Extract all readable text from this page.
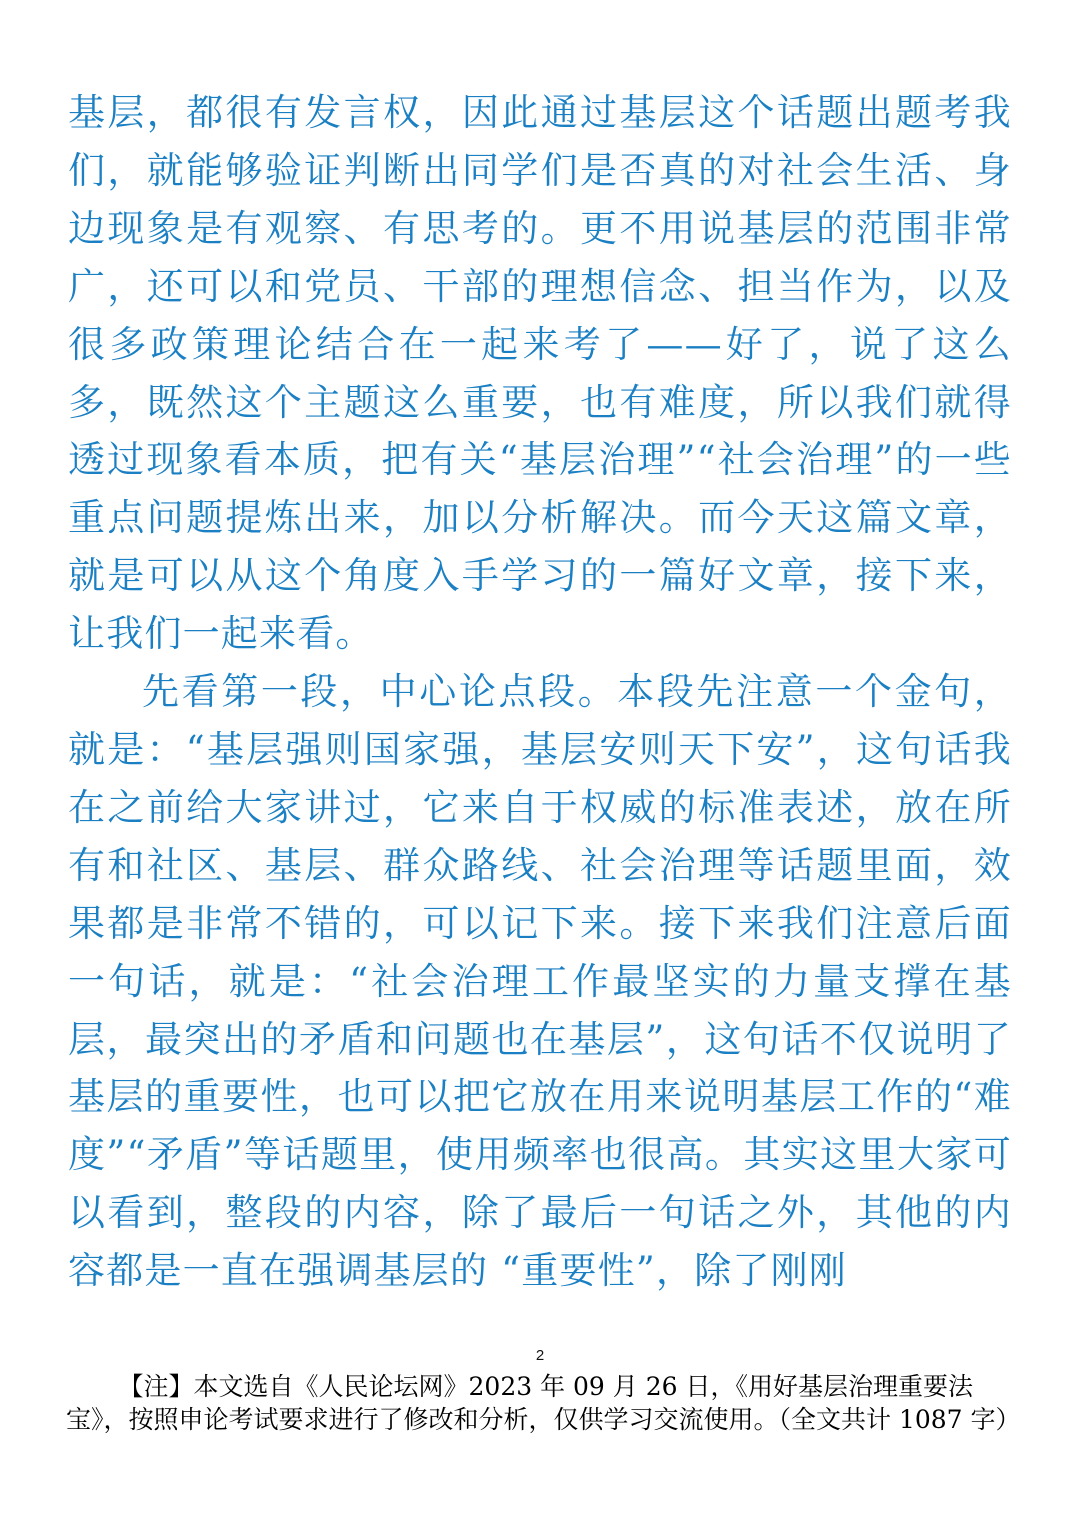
基层，都很有发言权，因此通过基层这个话题出题考我们，就能够验证判断出同学们是否真的对社会生活、身边现象是有观察、有思考的。更不用说基层的范围非常广，还可以和党员、干部的理想信念、担当作为，以及很多政策理论结合在一起来考了——好了，说了这么多，既然这个主题这么重要，也有难度，所以我们就得透过现象看本质，把有关“基层治理”“社会治理”的一些重点问题提炼出来，加以分析解决。而今天这篇文章，就是可以从这个角度入手学习的一篇好文章，接下来，让我们一起来看。

先看第一段，中心论点段。本段先注意一个金句，就是：“基层强则国家强，基层安则天下安”，这句话我在之前给大家讲过，它来自于权威的标准表述，放在所有和社区、基层、群众路线、社会治理等话题里面，效果都是非常不错的，可以记下来。接下来我们注意后面一句话，就是：“社会治理工作最坚实的力量支撑在基层，最突出的矛盾和问题也在基层”，这句话不仅说明了基层的重要性，也可以把它放在用来说明基层工作的“难度”“矛盾”等话题里，使用频率也很高。其实这里大家可以看到，整段的内容，除了最后一句话之外，其他的内容都是一直在强调基层的 “重要性”，除了刚刚

2

【注】本文选自《人民论坛网》2023 年 09 月 26 日，《用好基层治理重要法宝》，按照申论考试要求进行了修改和分析，仅供学习交流使用。（全文共计 1087 字）
